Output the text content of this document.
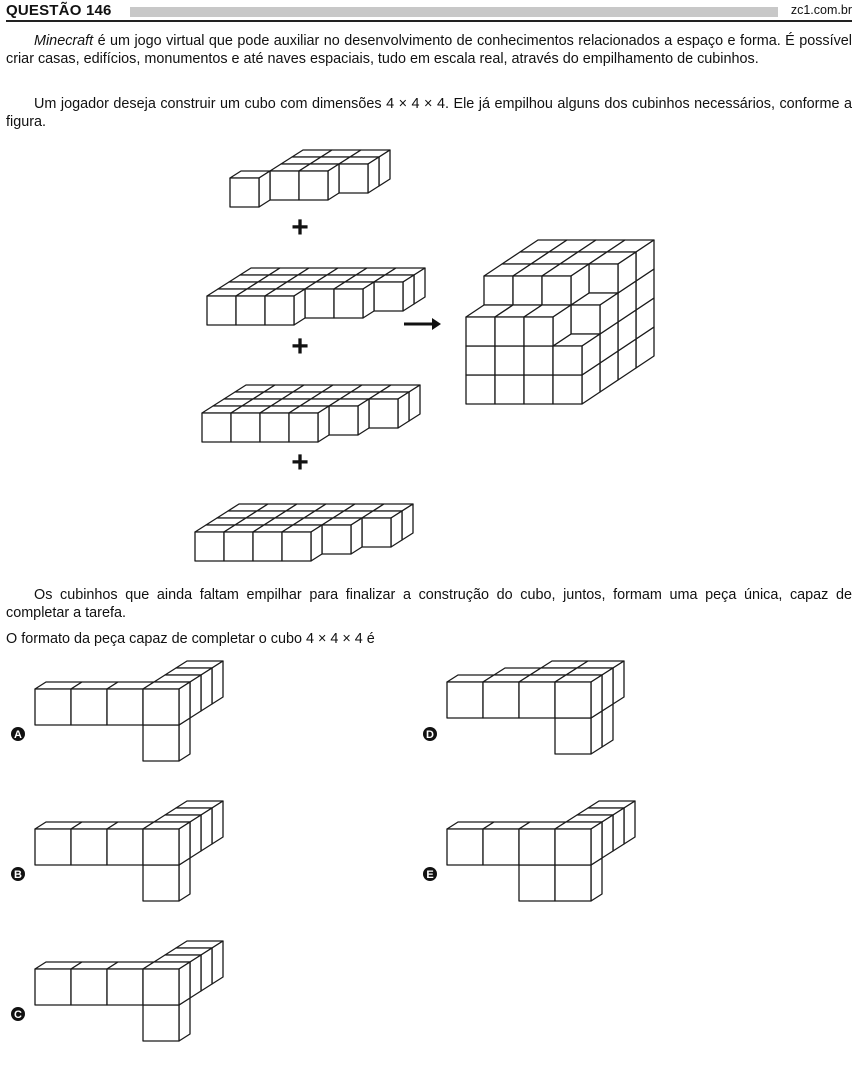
QUESTÃO 146	zc1.com.br

Minecraft é um jogo virtual que pode auxiliar no desenvolvimento de conhecimentos relacionados a espaço e forma. É possível criar casas, edifícios, monumentos e até naves espaciais, tudo em escala real, através do empilhamento de cubinhos.

Um jogador deseja construir um cubo com dimensões 4 × 4 × 4. Ele já empilhou alguns dos cubinhos necessários, conforme a figura.

Os cubinhos que ainda faltam empilhar para finalizar a construção do cubo, juntos, formam uma peça única, capaz de completar a tarefa.

O formato da peça capaz de completar o cubo 4 × 4 × 4 é

+
+
+
A
B
C
D
E
